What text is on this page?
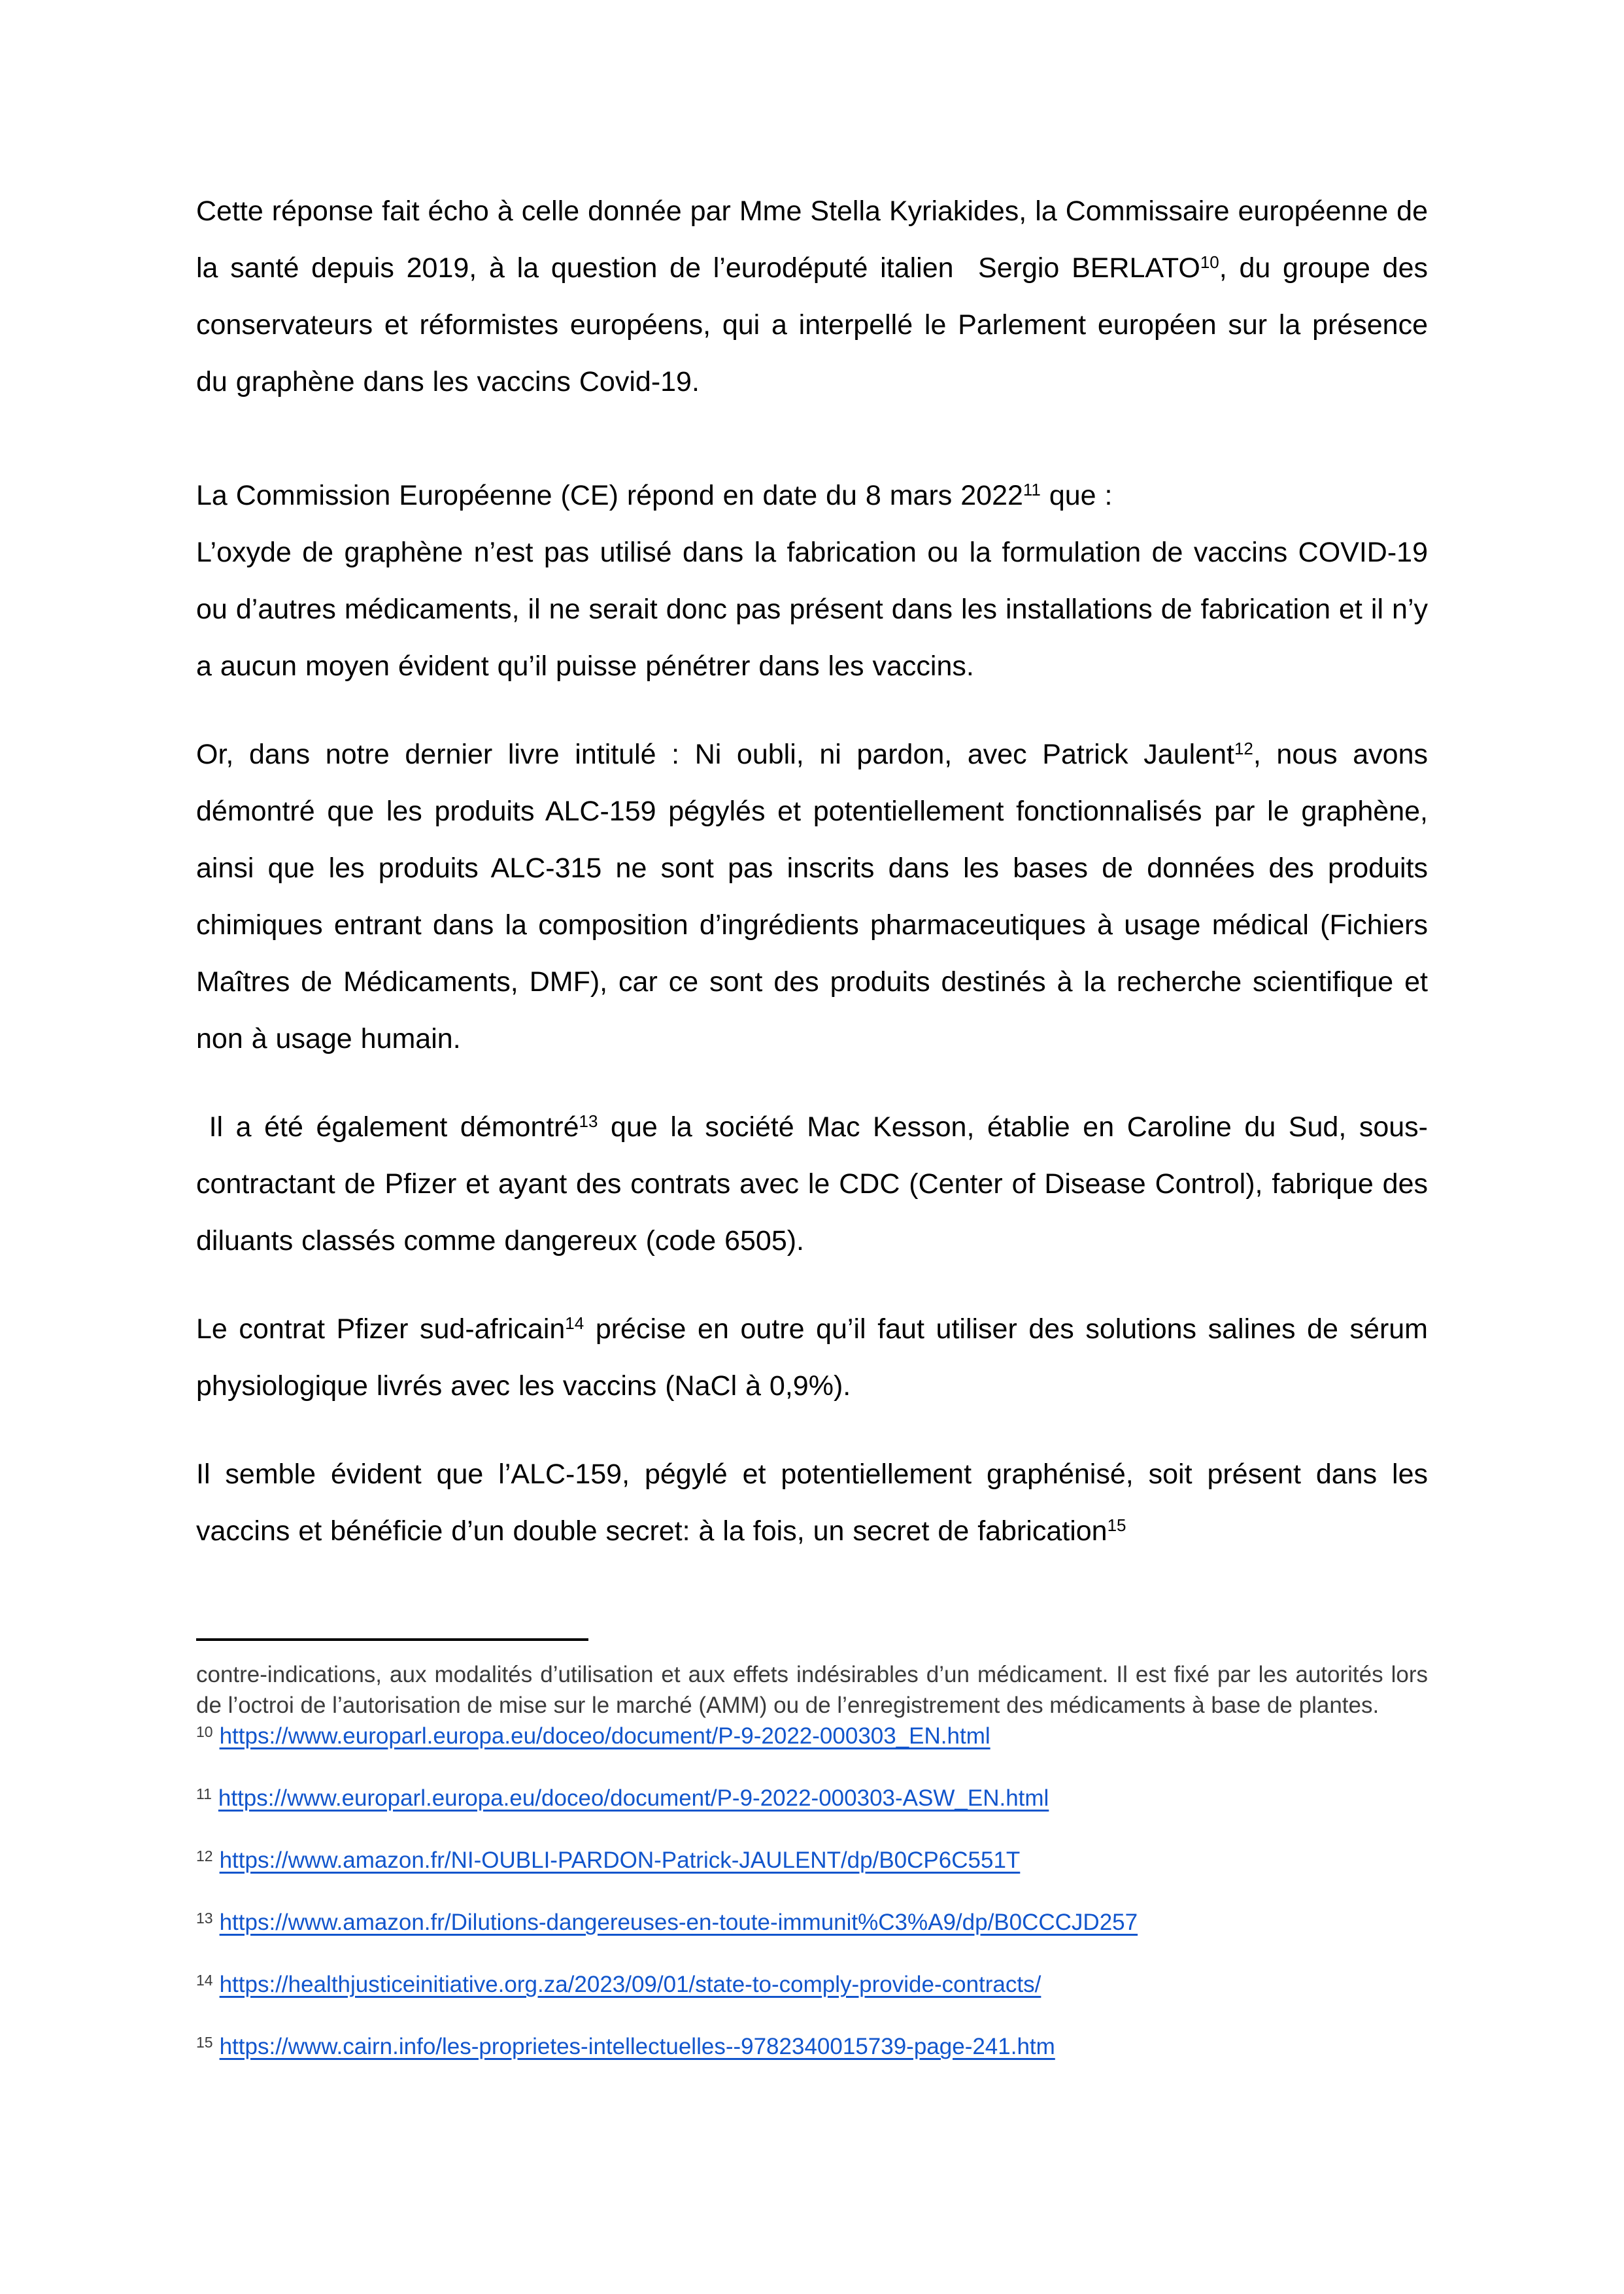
Cette réponse fait écho à celle donnée par Mme Stella Kyriakides, la Commissaire européenne de la santé depuis 2019, à la question de l’eurodéputé italien  Sergio BERLATO$^{10}$, du groupe des conservateurs et réformistes européens, qui a interpellé le Parlement européen sur la présence du graphène dans les vaccins Covid-19.

La Commission Européenne (CE) répond en date du 8 mars 2022$^{11}$ que :
L’oxyde de graphène n’est pas utilisé dans la fabrication ou la formulation de vaccins COVID-19 ou d’autres médicaments, il ne serait donc pas présent dans les installations de fabrication et il n’y a aucun moyen évident qu’il puisse pénétrer dans les vaccins.

Or, dans notre dernier livre intitulé : Ni oubli, ni pardon, avec Patrick Jaulent$^{12}$, nous avons démontré que les produits ALC-159 pégylés et potentiellement fonctionnalisés par le graphène, ainsi que les produits ALC-315 ne sont pas inscrits dans les bases de données des produits chimiques entrant dans la composition d’ingrédients pharmaceutiques à usage médical (Fichiers Maîtres de Médicaments, DMF), car ce sont des produits destinés à la recherche scientifique et non à usage humain.

Il a été également démontré$^{13}$ que la société Mac Kesson, établie en Caroline du Sud, sous-contractant de Pfizer et ayant des contrats avec le CDC (Center of Disease Control), fabrique des diluants classés comme dangereux (code 6505).

Le contrat Pfizer sud-africain$^{14}$ précise en outre qu’il faut utiliser des solutions salines de sérum physiologique livrés avec les vaccins (NaCl à 0,9%).

Il semble évident que l’ALC-159, pégylé et potentiellement graphénisé, soit présent dans les vaccins et bénéficie d’un double secret: à la fois, un secret de fabrication$^{15}$

contre-indications, aux modalités d’utilisation et aux effets indésirables d’un médicament. Il est fixé par les autorités lors de l’octroi de l’autorisation de mise sur le marché (AMM) ou de l’enregistrement des médicaments à base de plantes.

$^{10}$ https://www.europarl.europa.eu/doceo/document/P-9-2022-000303_EN.html

$^{11}$ https://www.europarl.europa.eu/doceo/document/P-9-2022-000303-ASW_EN.html

$^{12}$ https://www.amazon.fr/NI-OUBLI-PARDON-Patrick-JAULENT/dp/B0CP6C551T

$^{13}$ https://www.amazon.fr/Dilutions-dangereuses-en-toute-immunit%C3%A9/dp/B0CCCJD257

$^{14}$ https://healthjusticeinitiative.org.za/2023/09/01/state-to-comply-provide-contracts/

$^{15}$ https://www.cairn.info/les-proprietes-intellectuelles--9782340015739-page-241.htm
